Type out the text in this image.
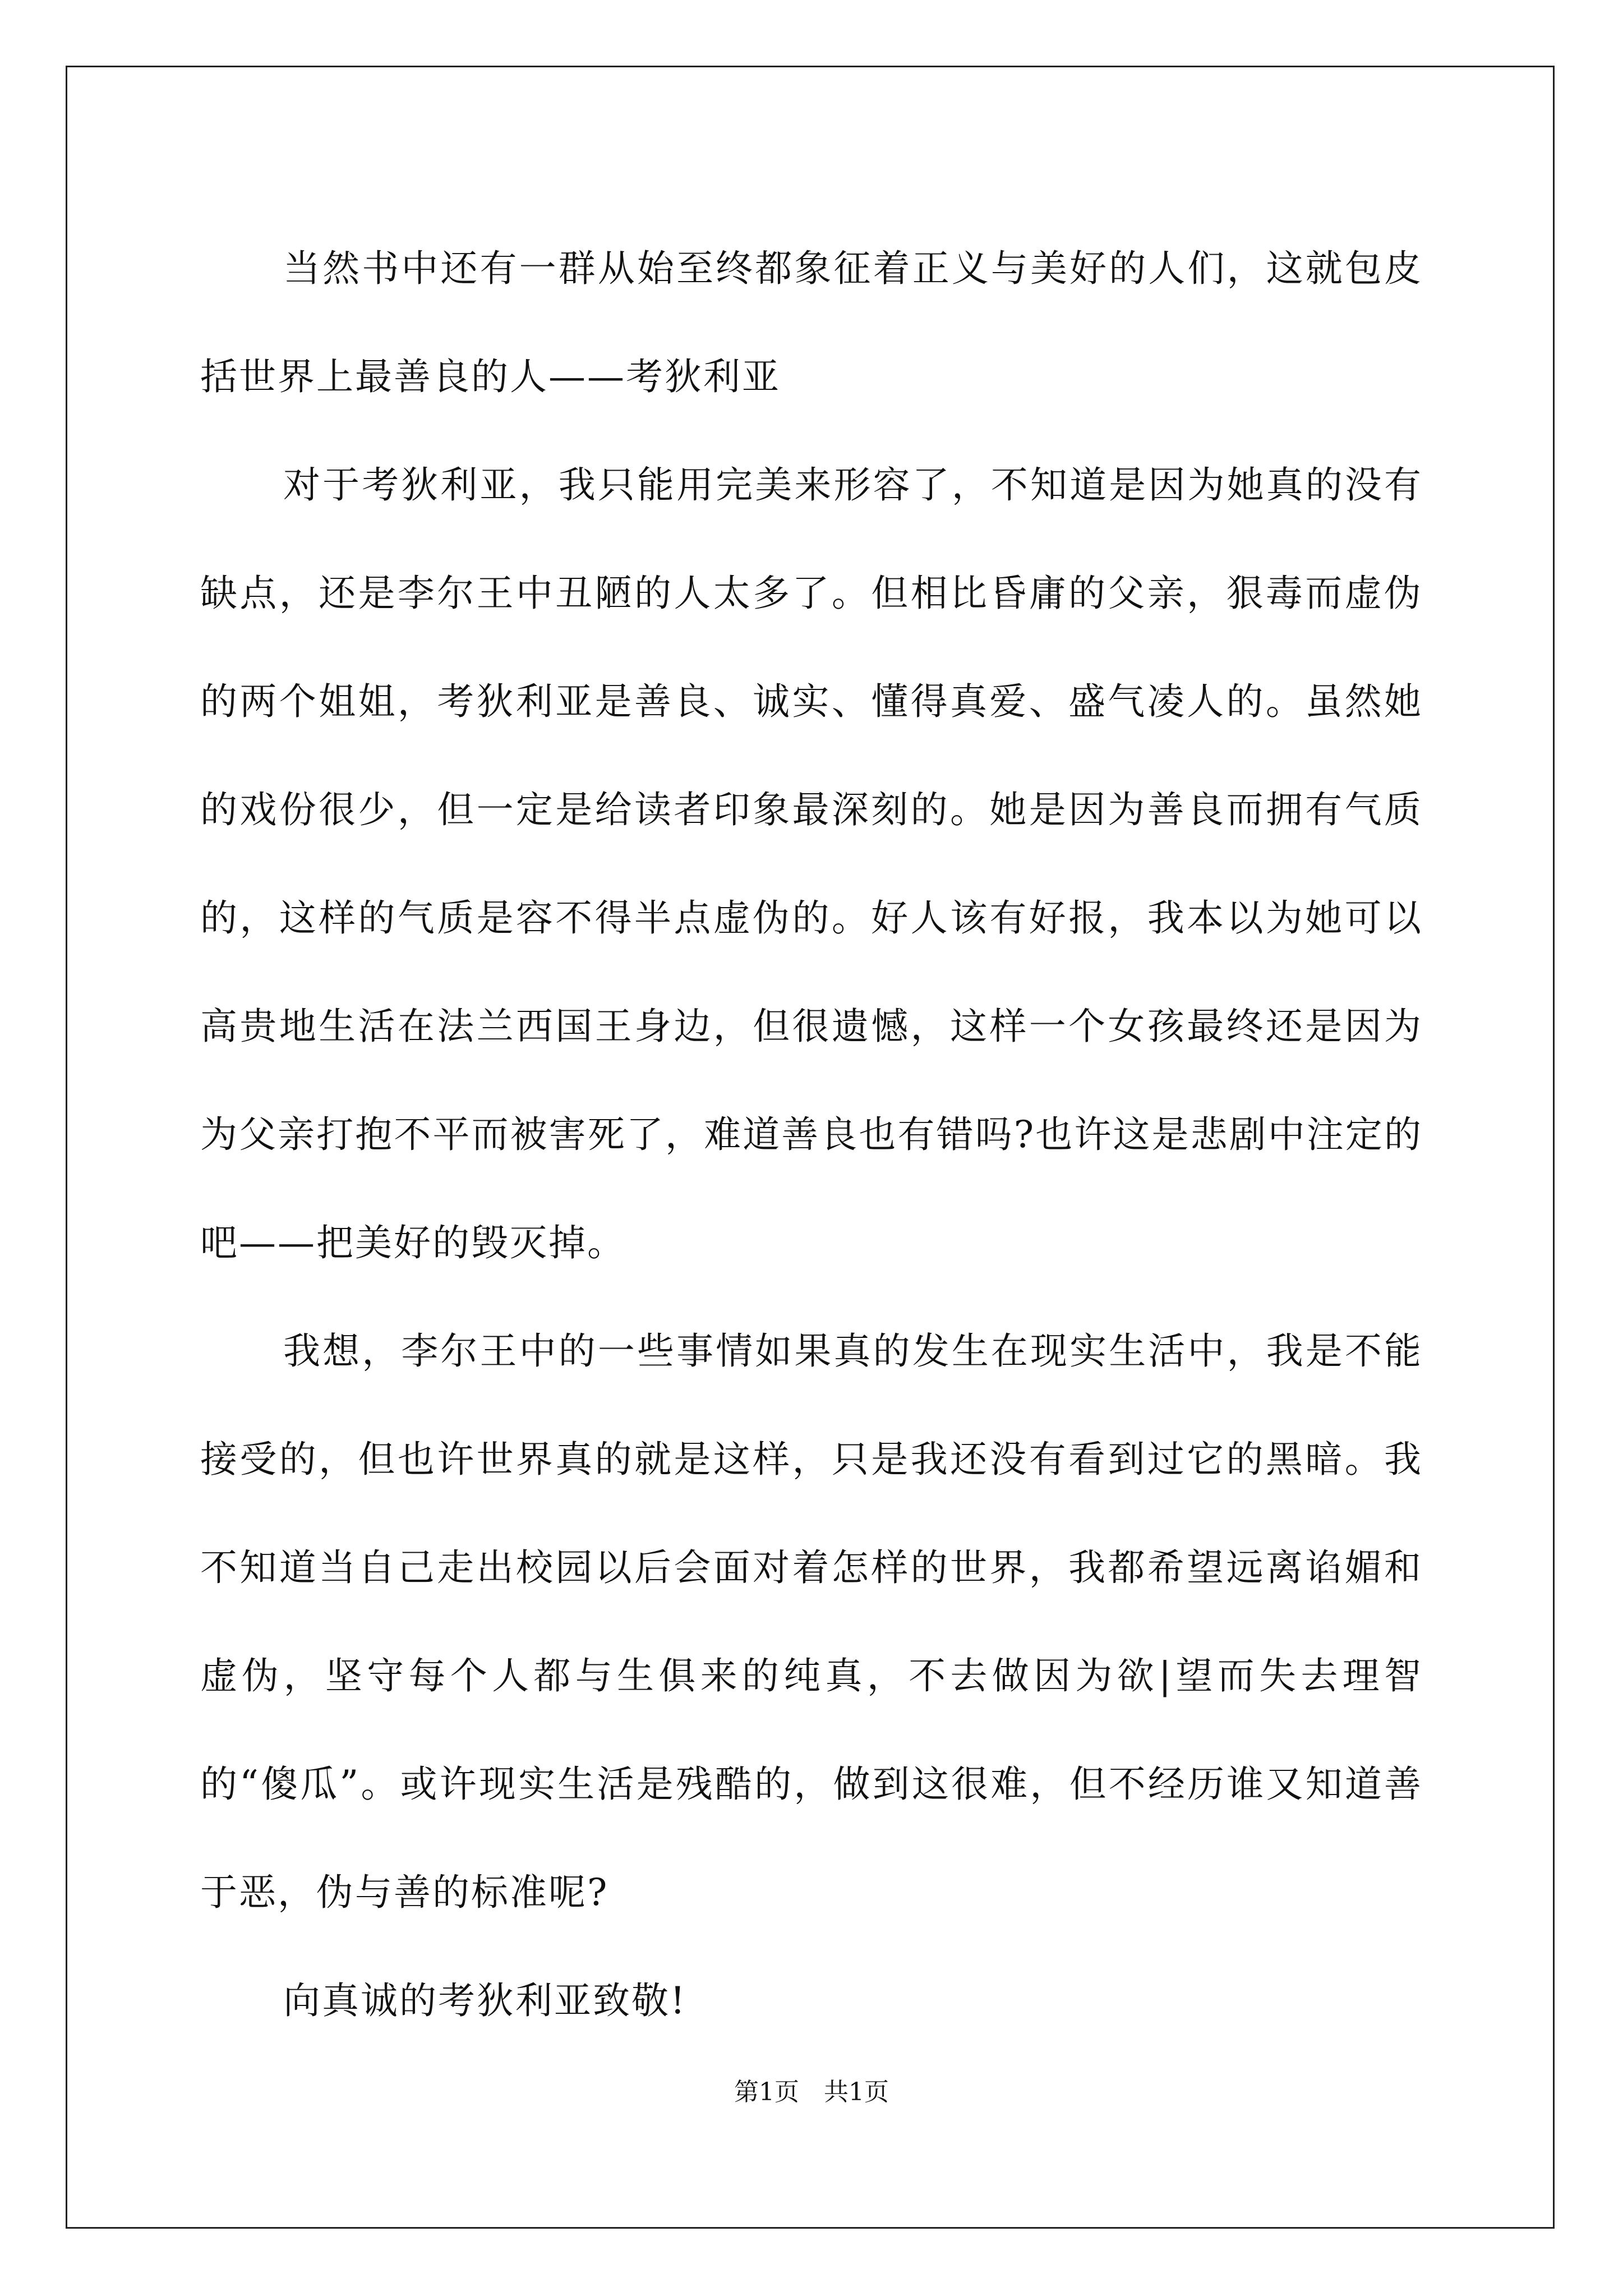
当然书中还有一群从始至终都象征着正义与美好的人们，这就包皮括世界上最善良的人——考狄利亚

对于考狄利亚，我只能用完美来形容了，不知道是因为她真的没有缺点，还是李尔王中丑陋的人太多了。但相比昏庸的父亲，狠毒而虚伪的两个姐姐，考狄利亚是善良、诚实、懂得真爱、盛气凌人的。虽然她的戏份很少，但一定是给读者印象最深刻的。她是因为善良而拥有气质的，这样的气质是容不得半点虚伪的。好人该有好报，我本以为她可以高贵地生活在法兰西国王身边，但很遗憾，这样一个女孩最终还是因为为父亲打抱不平而被害死了，难道善良也有错吗?也许这是悲剧中注定的吧——把美好的毁灭掉。

我想，李尔王中的一些事情如果真的发生在现实生活中，我是不能接受的，但也许世界真的就是这样，只是我还没有看到过它的黑暗。我不知道当自己走出校园以后会面对着怎样的世界，我都希望远离谄媚和虚伪，坚守每个人都与生俱来的纯真，不去做因为欲|望而失去理智的“傻瓜”。或许现实生活是残酷的，做到这很难，但不经历谁又知道善于恶，伪与善的标准呢?

向真诚的考狄利亚致敬!

第1页　共1页
